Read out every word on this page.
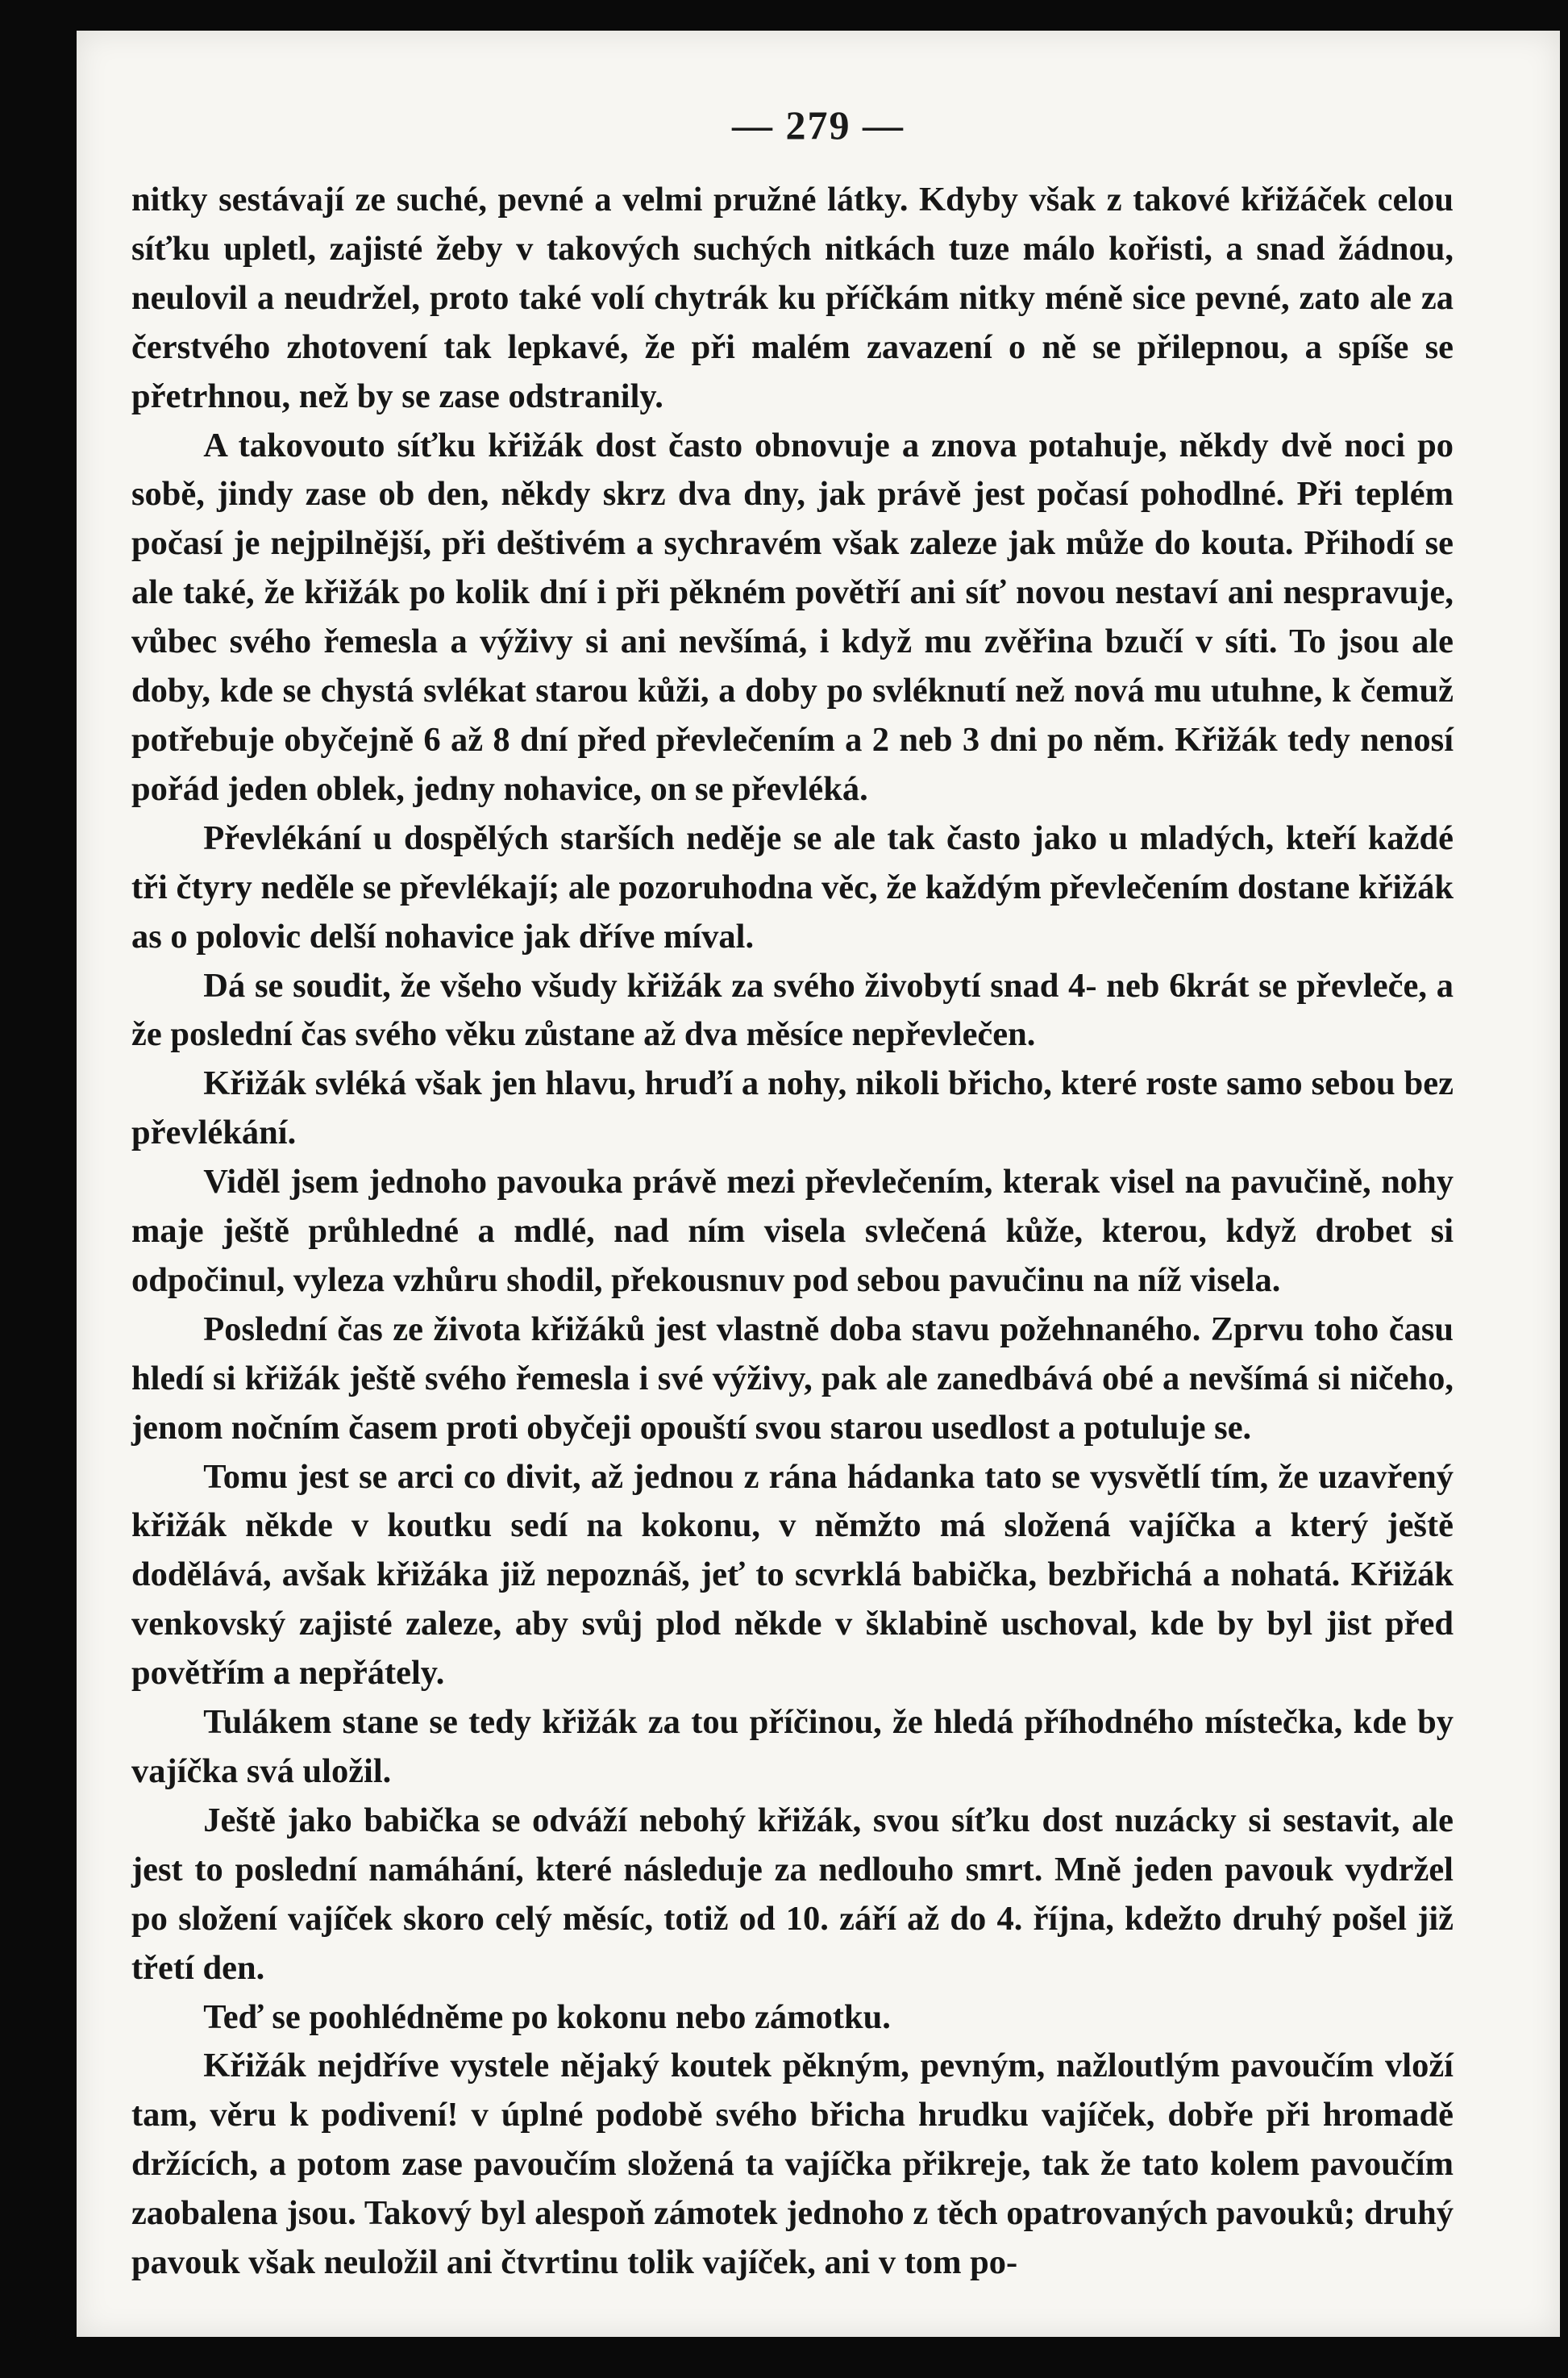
— 279 —

nitky sestávají ze suché, pevné a velmi pružné látky. Kdyby však z takové křižáček celou síťku upletl, zajisté žeby v takových suchých nitkách tuze málo kořisti, a snad žádnou, neulovil a neudržel, proto také volí chytrák ku příčkám nitky méně sice pevné, zato ale za čerstvého zhotovení tak lepkavé, že při malém zavazení o ně se přilepnou, a spíše se přetrhnou, než by se zase odstranily.

A takovouto síťku křižák dost často obnovuje a znova potahuje, někdy dvě noci po sobě, jindy zase ob den, někdy skrz dva dny, jak právě jest počasí pohodlné. Při teplém počasí je nejpilnější, při deštivém a sychravém však zaleze jak může do kouta. Přihodí se ale také, že křižák po kolik dní i při pěkném povětří ani síť novou nestaví ani nespravuje, vůbec svého řemesla a výživy si ani nevšímá, i když mu zvěřina bzučí v síti. To jsou ale doby, kde se chystá svlékat starou kůži, a doby po svléknutí než nová mu utuhne, k čemuž potřebuje obyčejně 6 až 8 dní před převlečením a 2 neb 3 dni po něm. Křižák tedy nenosí pořád jeden oblek, jedny nohavice, on se převléká.

Převlékání u dospělých starších neděje se ale tak často jako u mladých, kteří každé tři čtyry neděle se převlékají; ale pozoruhodna věc, že každým převlečením dostane křižák as o polovic delší nohavice jak dříve míval.

Dá se soudit, že všeho všudy křižák za svého živobytí snad 4- neb 6krát se převleče, a že poslední čas svého věku zůstane až dva měsíce nepřevlečen.

Křižák svléká však jen hlavu, hruďí a nohy, nikoli břicho, které roste samo sebou bez převlékání.

Viděl jsem jednoho pavouka právě mezi převlečením, kterak visel na pavučině, nohy maje ještě průhledné a mdlé, nad ním visela svlečená kůže, kterou, když drobet si odpočinul, vyleza vzhůru shodil, překousnuv pod sebou pavučinu na níž visela.

Poslední čas ze života křižáků jest vlastně doba stavu požehnaného. Zprvu toho času hledí si křižák ještě svého řemesla i své výživy, pak ale zanedbává obé a nevšímá si ničeho, jenom nočním časem proti obyčeji opouští svou starou usedlost a potuluje se.

Tomu jest se arci co divit, až jednou z rána hádanka tato se vysvětlí tím, že uzavřený křižák někde v koutku sedí na kokonu, v němžto má složená vajíčka a který ještě dodělává, avšak křižáka již nepoznáš, jeť to scvrklá babička, bezbřichá a nohatá. Křižák venkovský zajisté zaleze, aby svůj plod někde v šklabině uschoval, kde by byl jist před povětřím a nepřátely.

Tulákem stane se tedy křižák za tou příčinou, že hledá příhodného místečka, kde by vajíčka svá uložil.

Ještě jako babička se odváží nebohý křižák, svou síťku dost nuzácky si sestavit, ale jest to poslední namáhání, které následuje za nedlouho smrt. Mně jeden pavouk vydržel po složení vajíček skoro celý měsíc, totiž od 10. září až do 4. října, kdežto druhý pošel již třetí den.

Teď se poohlédněme po kokonu nebo zámotku.

Křižák nejdříve vystele nějaký koutek pěkným, pevným, nažloutlým pavoučím vloží tam, věru k podivení! v úplné podobě svého břicha hrudku vajíček, dobře při hromadě držících, a potom zase pavoučím složená ta vajíčka přikreje, tak že tato kolem pavoučím zaobalena jsou. Takový byl alespoň zámotek jednoho z těch opatrovaných pavouků; druhý pavouk však neuložil ani čtvrtinu tolik vajíček, ani v tom po-
